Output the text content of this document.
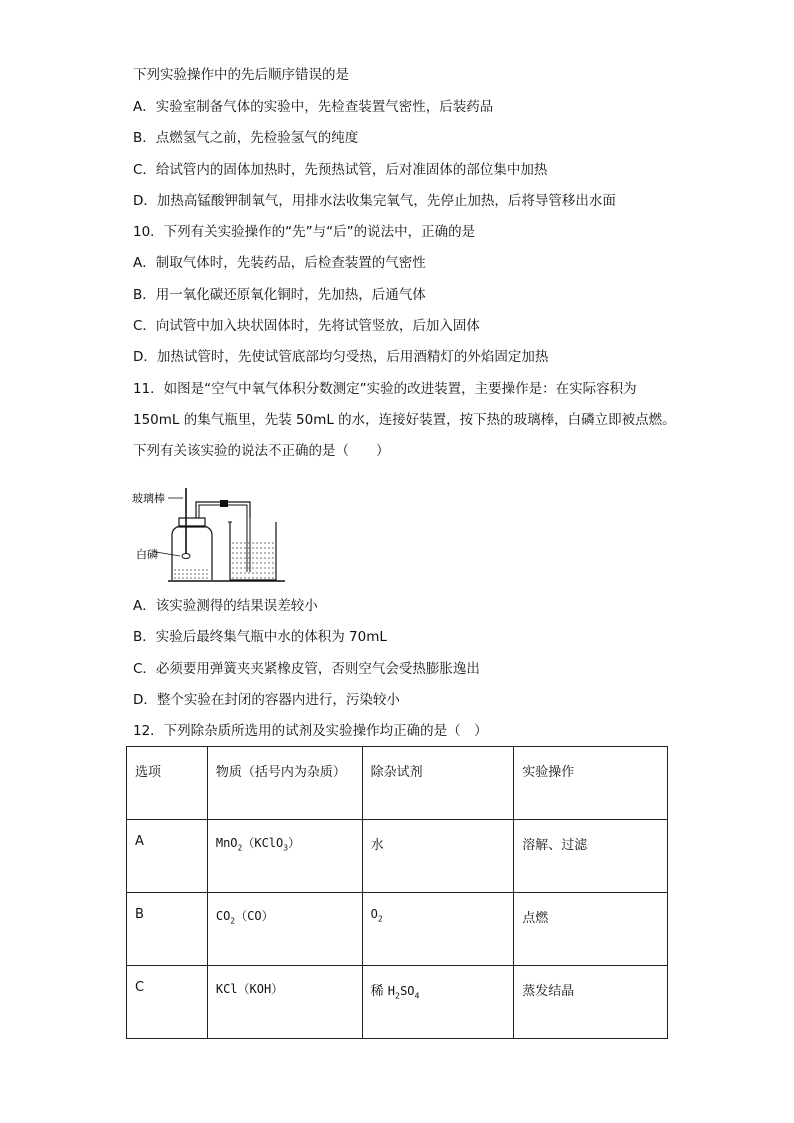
下列实验操作中的先后顺序错误的是
A．实验室制备气体的实验中，先检查装置气密性，后装药品
B．点燃氢气之前，先检验氢气的纯度
C．给试管内的固体加热时，先预热试管，后对准固体的部位集中加热
D．加热高锰酸钾制氧气，用排水法收集完氧气，先停止加热，后将导管移出水面
10．下列有关实验操作的“先”与“后”的说法中，正确的是
A．制取气体时，先装药品，后检查装置的气密性
B．用一氧化碳还原氧化铜时，先加热，后通气体
C．向试管中加入块状固体时，先将试管竖放，后加入固体
D．加热试管时，先使试管底部均匀受热，后用酒精灯的外焰固定加热
11．如图是“空气中氧气体积分数测定”实验的改进装置，主要操作是：在实际容积为
150mL 的集气瓶里，先装 50mL 的水，连接好装置，按下热的玻璃棒，白磷立即被点燃。
下列有关该实验的说法不正确的是（　　）
玻璃棒
白磷
A．该实验测得的结果误差较小
B．实验后最终集气瓶中水的体积为 70mL
C．必须要用弹簧夹夹紧橡皮管，否则空气会受热膨胀逸出
D．整个实验在封闭的容器内进行，污染较小
12．下列除杂质所选用的试剂及实验操作均正确的是（　）
选项	物质（括号内为杂质）	除杂试剂	实验操作
A	MnO$_2$（KClO$_3$）	水	溶解、过滤
B	$CO_2(CO)$	$O_2$	点燃
C	KCl（KOH）	稀 $H_2SO_4$	蒸发结晶
